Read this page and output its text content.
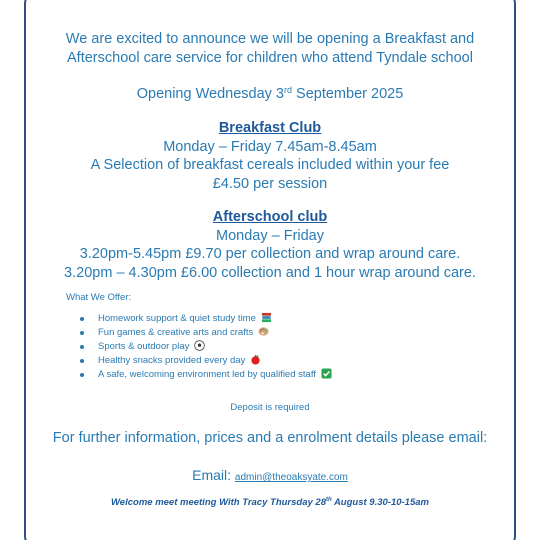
We are excited to announce we will be opening a Breakfast and
Afterschool care service for children who attend Tyndale school
Opening Wednesday 3rd September 2025
Breakfast Club
Monday – Friday 7.45am-8.45am
A Selection of breakfast cereals included within your fee
£4.50 per session
Afterschool club
Monday – Friday
3.20pm-5.45pm £9.70 per collection and wrap around care.
3.20pm – 4.30pm £6.00 collection and 1 hour wrap around care.
What We Offer:
Homework support & quiet study time
Fun games & creative arts and crafts
Sports & outdoor play
Healthy snacks provided every day
A safe, welcoming environment led by qualified staff
Deposit is required
For further information, prices and a enrolment details please email:
Email: admin@theoaksyate.com
Welcome meet meeting With Tracy Thursday 28th August 9.30-10-15am
